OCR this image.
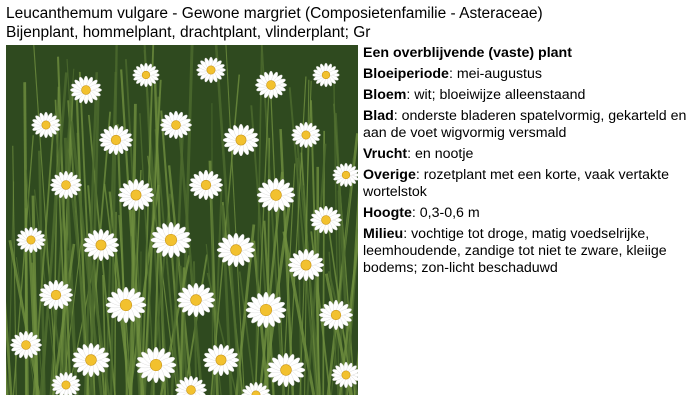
Leucanthemum vulgare - Gewone margriet (Composietenfamilie - Asteraceae)
Bijenplant, hommelplant, drachtplant, vlinderplant; Gr
Een overblijvende (vaste) plant
Bloeiperiode: mei-augustus
Bloem: wit; bloeiwijze alleenstaand
Blad: onderste bladeren spatelvormig, gekarteld en aan de voet wigvormig versmald
Vrucht: en nootje
Overige: rozetplant met een korte, vaak vertakte wortelstok
Hoogte: 0,3-0,6 m
Milieu: vochtige tot droge, matig voedselrijke, leemhoudende, zandige tot niet te zware, kleiige bodems; zon-licht beschaduwd
